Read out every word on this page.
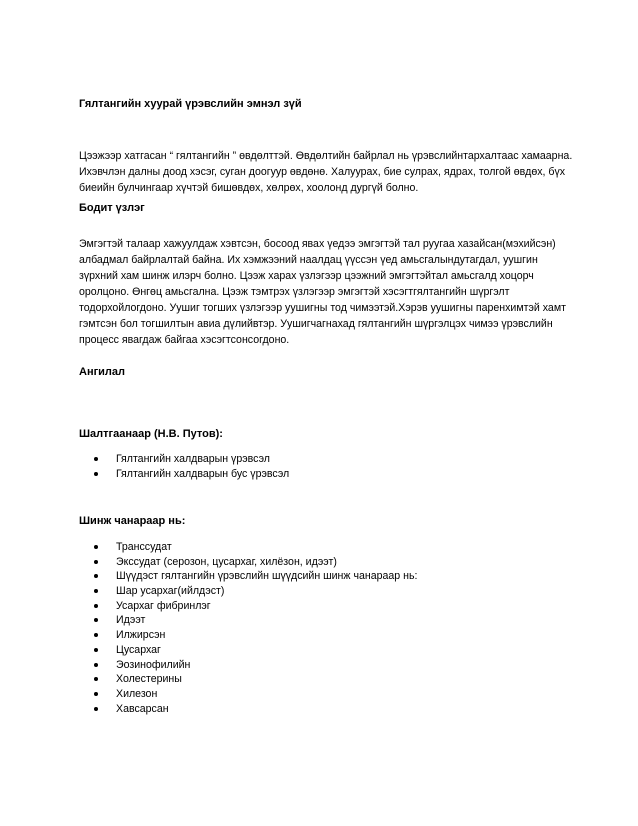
Гялтангийн хуурай үрэвслийн эмнэл зүй

Цээжээр хатгасан “ гялтангийн ” өвдөлттэй. Өвдөлтийн байрлал нь үрэвслийнтархалтаас хамаарна.
Ихэвчлэн далны доод хэсэг, суган доогуур өвдөнө. Халуурах, бие сулрах, ядрах, толгой өвдөх, бүх
биеийн булчингаар хүчтэй бишөвдөх, хөлрөх, хоолонд дургүй болно.

Бодит үзлэг

Эмгэгтэй талаар хажуулдаж хэвтсэн, босоод явах үедээ эмгэгтэй тал руугаа хазайсан(мэхийсэн)
албадмал байрлалтай байна. Их хэмжээний наалдац үүссэн үед амьсгалындутагдал, уушгин
зүрхний хам шинж илэрч болно. Цээж харах үзлэгээр цээжний эмгэгтэйтал амьсгалд хоцорч
оролцоно. Өнгөц амьсгална. Цээж тэмтрэх үзлэгээр эмгэгтэй хэсэгтгялтангийн шүргэлт
тодорхойлогдоно. Уушиг тогших үзлэгээр уушигны тод чимээтэй.Хэрэв уушигны паренхимтэй хамт
гэмтсэн бол тогшилтын авиа дүлийвтэр. Уушигчагнахад гялтангийн шүргэлцэх чимээ үрэвслийн
процесс явагдаж байгаа хэсэгтсонсогдоно.

Ангилал
Шалтгаанаар (Н.В. Путов):
Гялтангийн халдварын үрэвсэл
Гялтангийн халдварын бус үрэвсэл
Шинж чанараар нь:
Транссудат
Экссудат (серозон, цусархаг, хилёзон, идээт)
Шүүдэст гялтангийн үрэвслийн шүүдсийн шинж чанараар нь:
Шар усархаг(ийлдэст)
Усархаг фибринлэг
Идээт
Илжирсэн
Цусархаг
Эозинофилийн
Холестерины
Хилезон
Хавсарсан
